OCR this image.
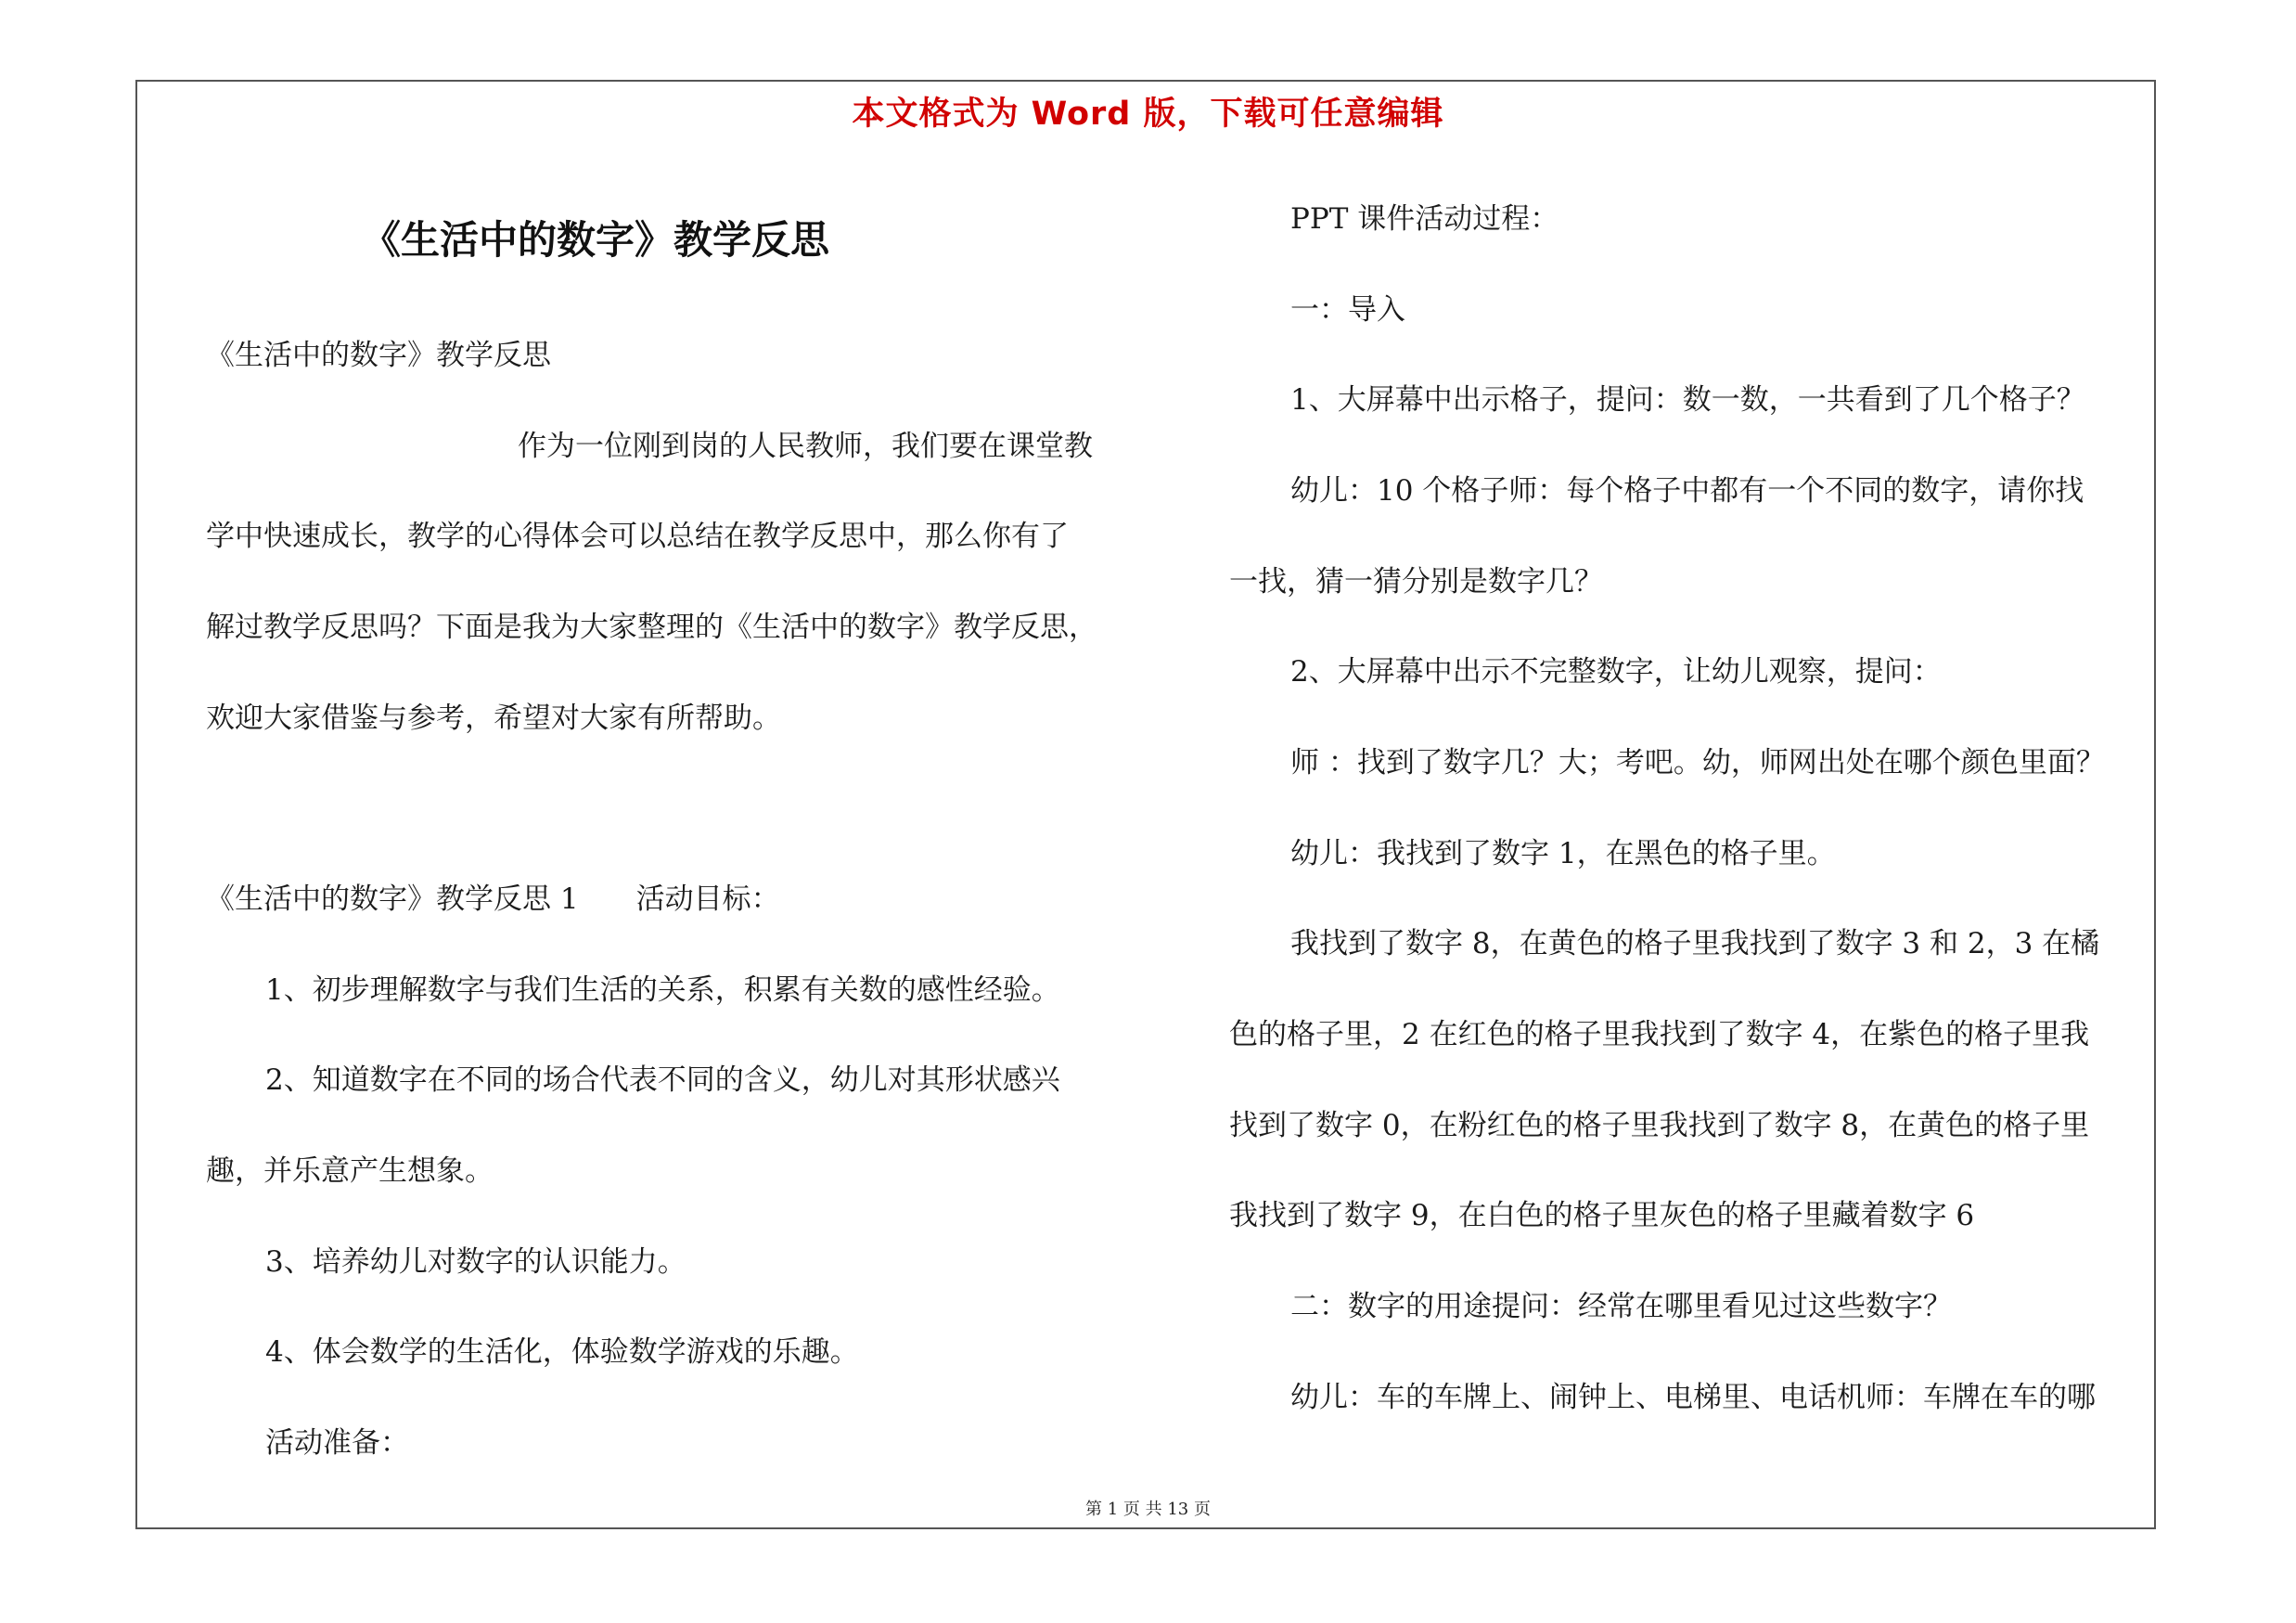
本文格式为 Word 版，下载可任意编辑
《生活中的数字》教学反思
《生活中的数字》教学反思
作为一位刚到岗的人民教师，我们要在课堂教
学中快速成长，教学的心得体会可以总结在教学反思中，那么你有了
解过教学反思吗？下面是我为大家整理的《生活中的数字》教学反思，
欢迎大家借鉴与参考，希望对大家有所帮助。
《生活中的数字》教学反思 1　　活动目标：
1、初步理解数字与我们生活的关系，积累有关数的感性经验。
2、知道数字在不同的场合代表不同的含义，幼儿对其形状感兴
趣，并乐意产生想象。
3、培养幼儿对数字的认识能力。
4、体会数学的生活化，体验数学游戏的乐趣。
活动准备：
PPT 课件活动过程：
一：导入
1、大屏幕中出示格子，提问：数一数，一共看到了几个格子？
幼儿：10 个格子师：每个格子中都有一个不同的数字，请你找
一找，猜一猜分别是数字几？
2、大屏幕中出示不完整数字，让幼儿观察，提问：
师 ：找到了数字几？大；考吧。幼，师网出处在哪个颜色里面？
幼儿：我找到了数字 1，在黑色的格子里。
我找到了数字 8，在黄色的格子里我找到了数字 3 和 2，3 在橘
色的格子里，2 在红色的格子里我找到了数字 4，在紫色的格子里我
找到了数字 0，在粉红色的格子里我找到了数字 8，在黄色的格子里
我找到了数字 9，在白色的格子里灰色的格子里藏着数字 6
二：数字的用途提问：经常在哪里看见过这些数字？
幼儿：车的车牌上、闹钟上、电梯里、电话机师：车牌在车的哪
第 1 页 共 13 页
